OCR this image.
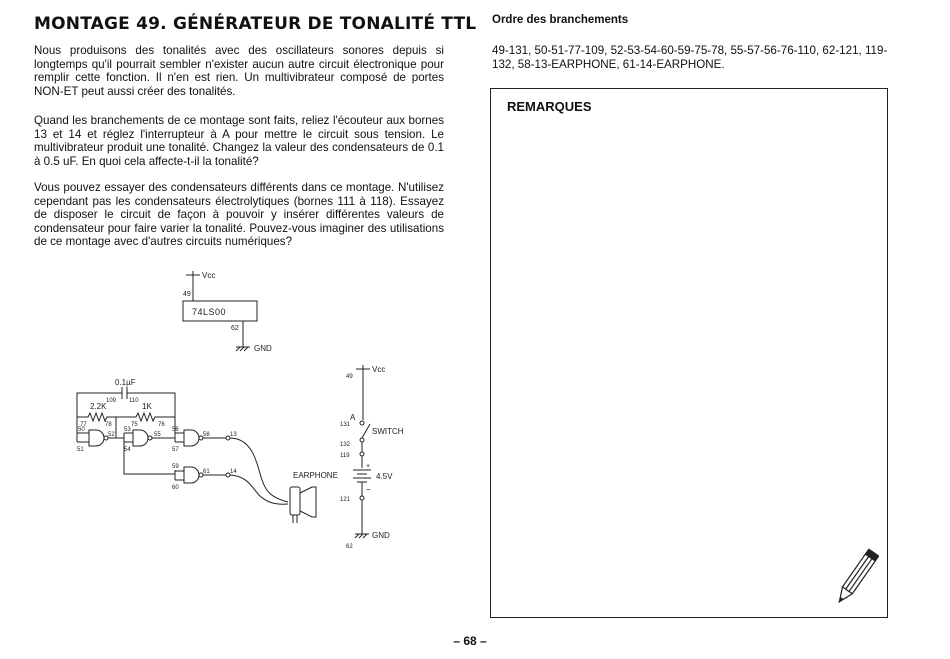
MONTAGE 49. GÉNÉRATEUR DE TONALITÉ TTL

Nous produisons des tonalités avec des oscillateurs sonores depuis si longtemps qu'il pourrait sembler n'exister aucun autre circuit électronique pour remplir cette fonction. Il n'en est rien. Un multivibrateur composé de portes NON-ET peut aussi créer des tonalités.

Quand les branchements de ce montage sont faits, reliez l'écouteur aux bornes 13 et 14 et réglez l'interrupteur à A pour mettre le circuit sous tension. Le multivibrateur produit une tonalité. Changez la valeur des condensateurs de 0.1 à 0.5 uF. En quoi cela affecte-t-il la tonalité?

Vous pouvez essayer des condensateurs différents dans ce montage. N'utilisez cependant pas les condensateurs électrolytiques (bornes 111 à 118). Essayez de disposer le circuit de façon à pouvoir y insérer différentes valeurs de condensateur pour faire varier la tonalité. Pouvez-vous imaginer des utilisations de ce montage avec d'autres circuits numériques?

Ordre des branchements

49-131, 50-51-77-109, 52-53-54-60-59-75-78, 55-57-56-76-110, 62-121, 119-132, 58-13-EARPHONE, 61-14-EARPHONE.

REMARQUES
– 68 –
Vcc
49
74LS00
62
GND
0.1µF
109 110
2.2K	1K
77	78	75	76
50
51
52
53
54
55
56
57
58	13
59
60
61	14	EARPHONE
Vcc
49
A
131
SWITCH
132
119
+
4.5V
−
121
GND
62
